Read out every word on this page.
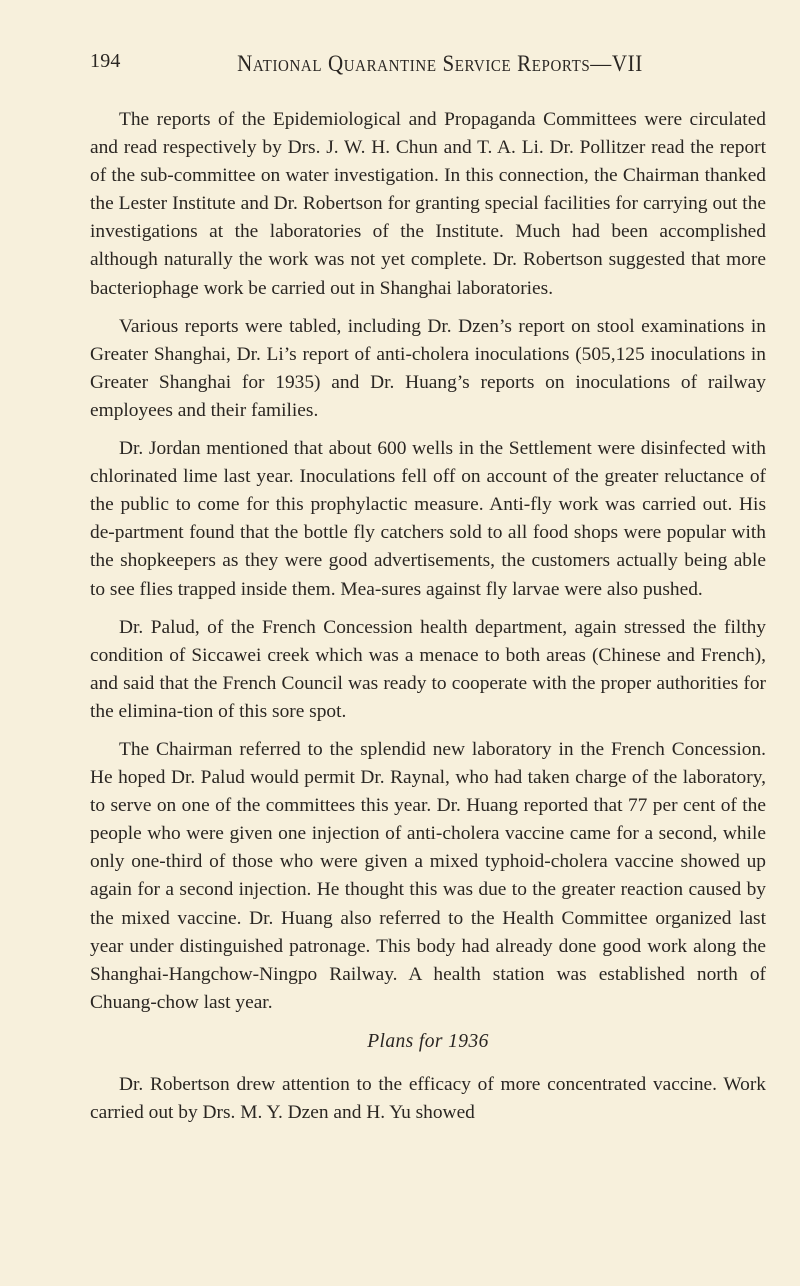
194	National Quarantine Service Reports—VII

The reports of the Epidemiological and Propaganda Committees were circulated and read respectively by Drs. J. W. H. Chun and T. A. Li. Dr. Pollitzer read the report of the sub-committee on water investigation. In this connection, the Chairman thanked the Lester Institute and Dr. Robertson for granting special facilities for carrying out the investigations at the laboratories of the Institute. Much had been accomplished although naturally the work was not yet complete. Dr. Robertson suggested that more bacteriophage work be carried out in Shanghai laboratories.

Various reports were tabled, including Dr. Dzen’s report on stool examinations in Greater Shanghai, Dr. Li’s report of anti-cholera inoculations (505,125 inoculations in Greater Shanghai for 1935) and Dr. Huang’s reports on inoculations of railway employees and their families.

Dr. Jordan mentioned that about 600 wells in the Settlement were disinfected with chlorinated lime last year. Inoculations fell off on account of the greater reluctance of the public to come for this prophylactic measure. Anti-fly work was carried out. His de-partment found that the bottle fly catchers sold to all food shops were popular with the shopkeepers as they were good advertisements, the customers actually being able to see flies trapped inside them. Mea-sures against fly larvae were also pushed.

Dr. Palud, of the French Concession health department, again stressed the filthy condition of Siccawei creek which was a menace to both areas (Chinese and French), and said that the French Council was ready to cooperate with the proper authorities for the elimina-tion of this sore spot.

The Chairman referred to the splendid new laboratory in the French Concession. He hoped Dr. Palud would permit Dr. Raynal, who had taken charge of the laboratory, to serve on one of the committees this year. Dr. Huang reported that 77 per cent of the people who were given one injection of anti-cholera vaccine came for a second, while only one-third of those who were given a mixed typhoid-cholera vaccine showed up again for a second injection. He thought this was due to the greater reaction caused by the mixed vaccine. Dr. Huang also referred to the Health Committee organized last year under distinguished patronage. This body had already done good work along the Shanghai-Hangchow-Ningpo Railway. A health station was established north of Chuang-chow last year.

Plans for 1936

Dr. Robertson drew attention to the efficacy of more concentrated vaccine. Work carried out by Drs. M. Y. Dzen and H. Yu showed
